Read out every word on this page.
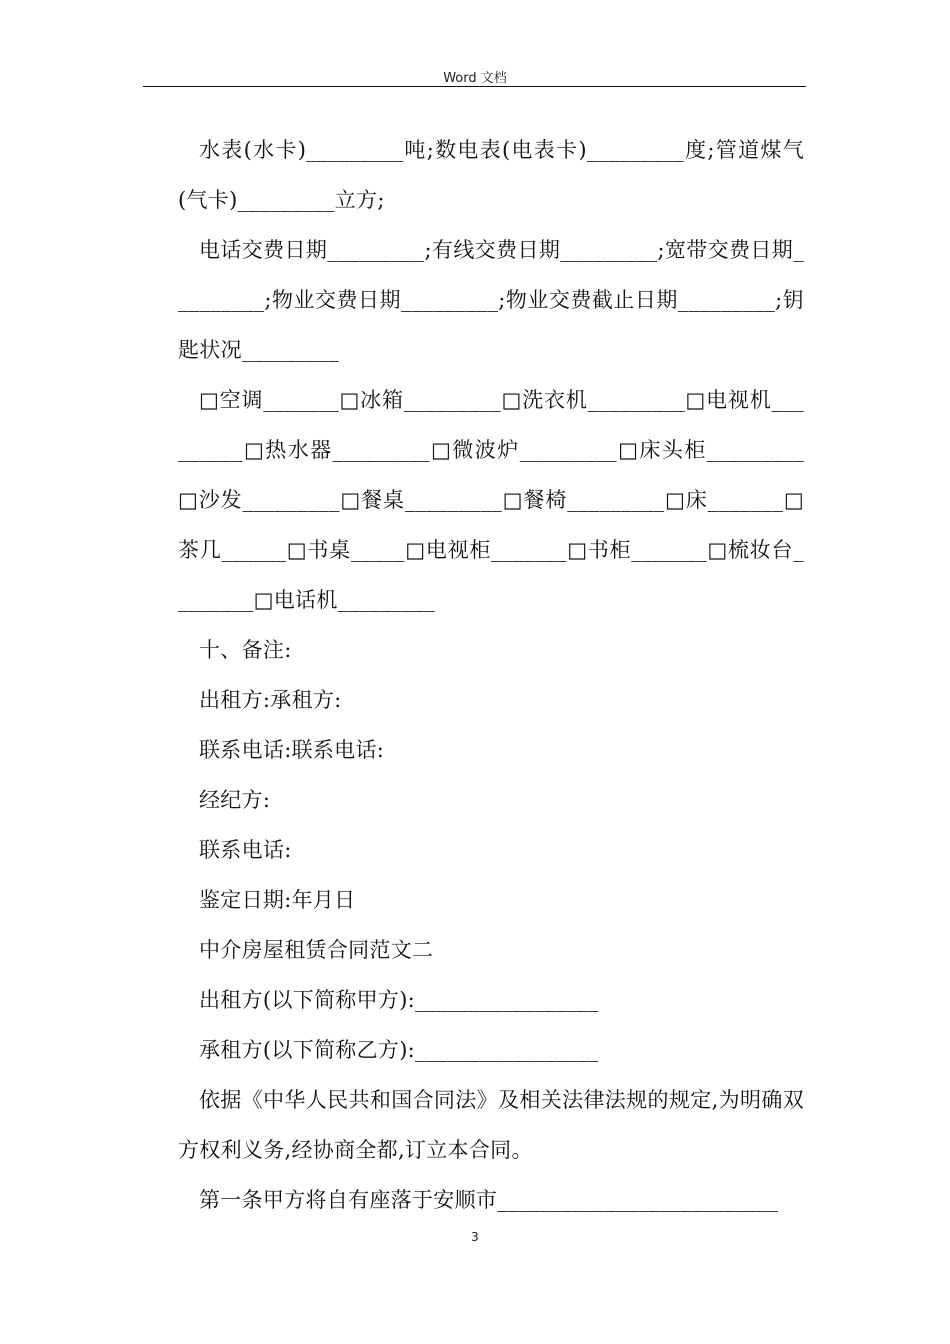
Word 文档

水表(水卡)_________吨;数电表(电表卡)_________度;管道煤气(气卡)_________立方;

电话交费日期_________;有线交费日期_________;宽带交费日期_________;物业交费日期_________;物业交费截止日期_________;钥匙状况_________

□空调_______□冰箱_________□洗衣机_________□电视机_________□热水器_________□微波炉_________□床头柜_________□沙发_________□餐桌_________□餐椅_________□床_______□茶几______□书桌_____□电视柜_______□书柜_______□梳妆台________□电话机_________

十、备注:

出租方:承租方:

联系电话:联系电话:

经纪方:

联系电话:

鉴定日期:年月日

中介房屋租赁合同范文二

出租方(以下简称甲方):_________________

承租方(以下简称乙方):_________________

依据《中华人民共和国合同法》及相关法律法规的规定,为明确双方权利义务,经协商全都,订立本合同。

第一条甲方将自有座落于安顺市__________________________

3
